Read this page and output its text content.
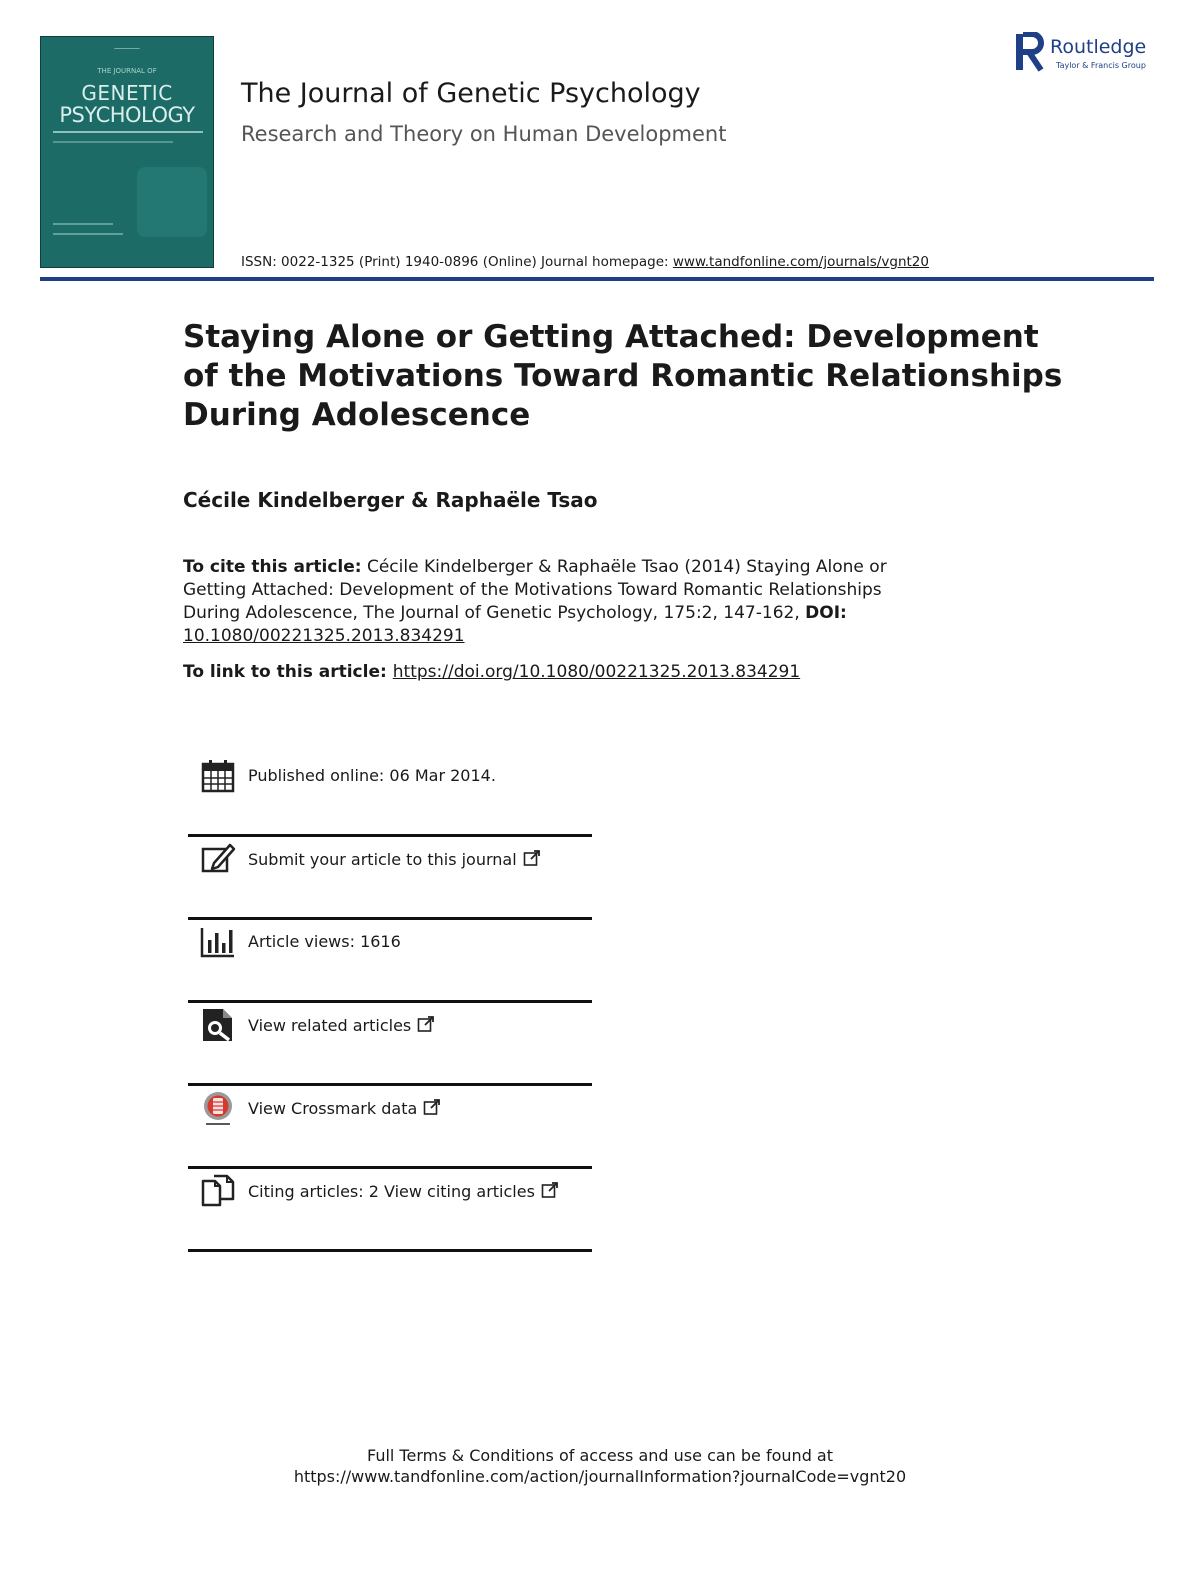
──────
THE JOURNAL OF
GENETIC
PSYCHOLOGY
The Journal of Genetic Psychology
Research and Theory on Human Development
ISSN: 0022-1325 (Print) 1940-0896 (Online) Journal homepage: www.tandfonline.com/journals/vgnt20
Routledge
Taylor & Francis Group
Staying Alone or Getting Attached: Development of the Motivations Toward Romantic Relationships During Adolescence
Cécile Kindelberger & Raphaële Tsao
To cite this article: Cécile Kindelberger & Raphaële Tsao (2014) Staying Alone or Getting Attached: Development of the Motivations Toward Romantic Relationships During Adolescence, The Journal of Genetic Psychology, 175:2, 147-162, DOI:
10.1080/00221325.2013.834291
To link to this article: https://doi.org/10.1080/00221325.2013.834291
Published online: 06 Mar 2014.
Submit your article to this journal
Article views: 1616
View related articles
View Crossmark data
Citing articles: 2 View citing articles
Full Terms & Conditions of access and use can be found at
https://www.tandfonline.com/action/journalInformation?journalCode=vgnt20
